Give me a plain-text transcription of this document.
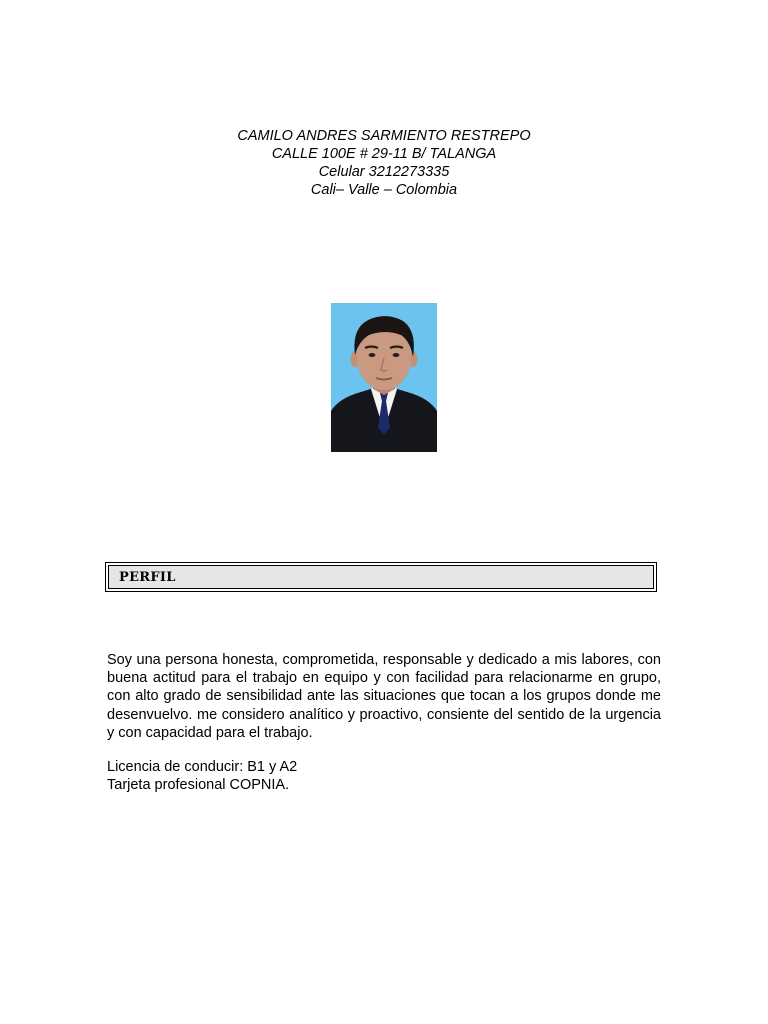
CAMILO ANDRES SARMIENTO RESTREPO
CALLE 100E # 29-11 B/ TALANGA
Celular 3212273335
Cali– Valle – Colombia
PERFIL
Soy una persona honesta, comprometida, responsable y dedicado a mis labores, con buena actitud para el trabajo en equipo y con facilidad para relacionarme en grupo, con alto grado de sensibilidad ante las situaciones que tocan a los grupos donde me desenvuelvo. me considero analítico y proactivo, consiente del sentido de la urgencia y con capacidad para el trabajo.
Licencia de conducir: B1 y A2
Tarjeta profesional COPNIA.
